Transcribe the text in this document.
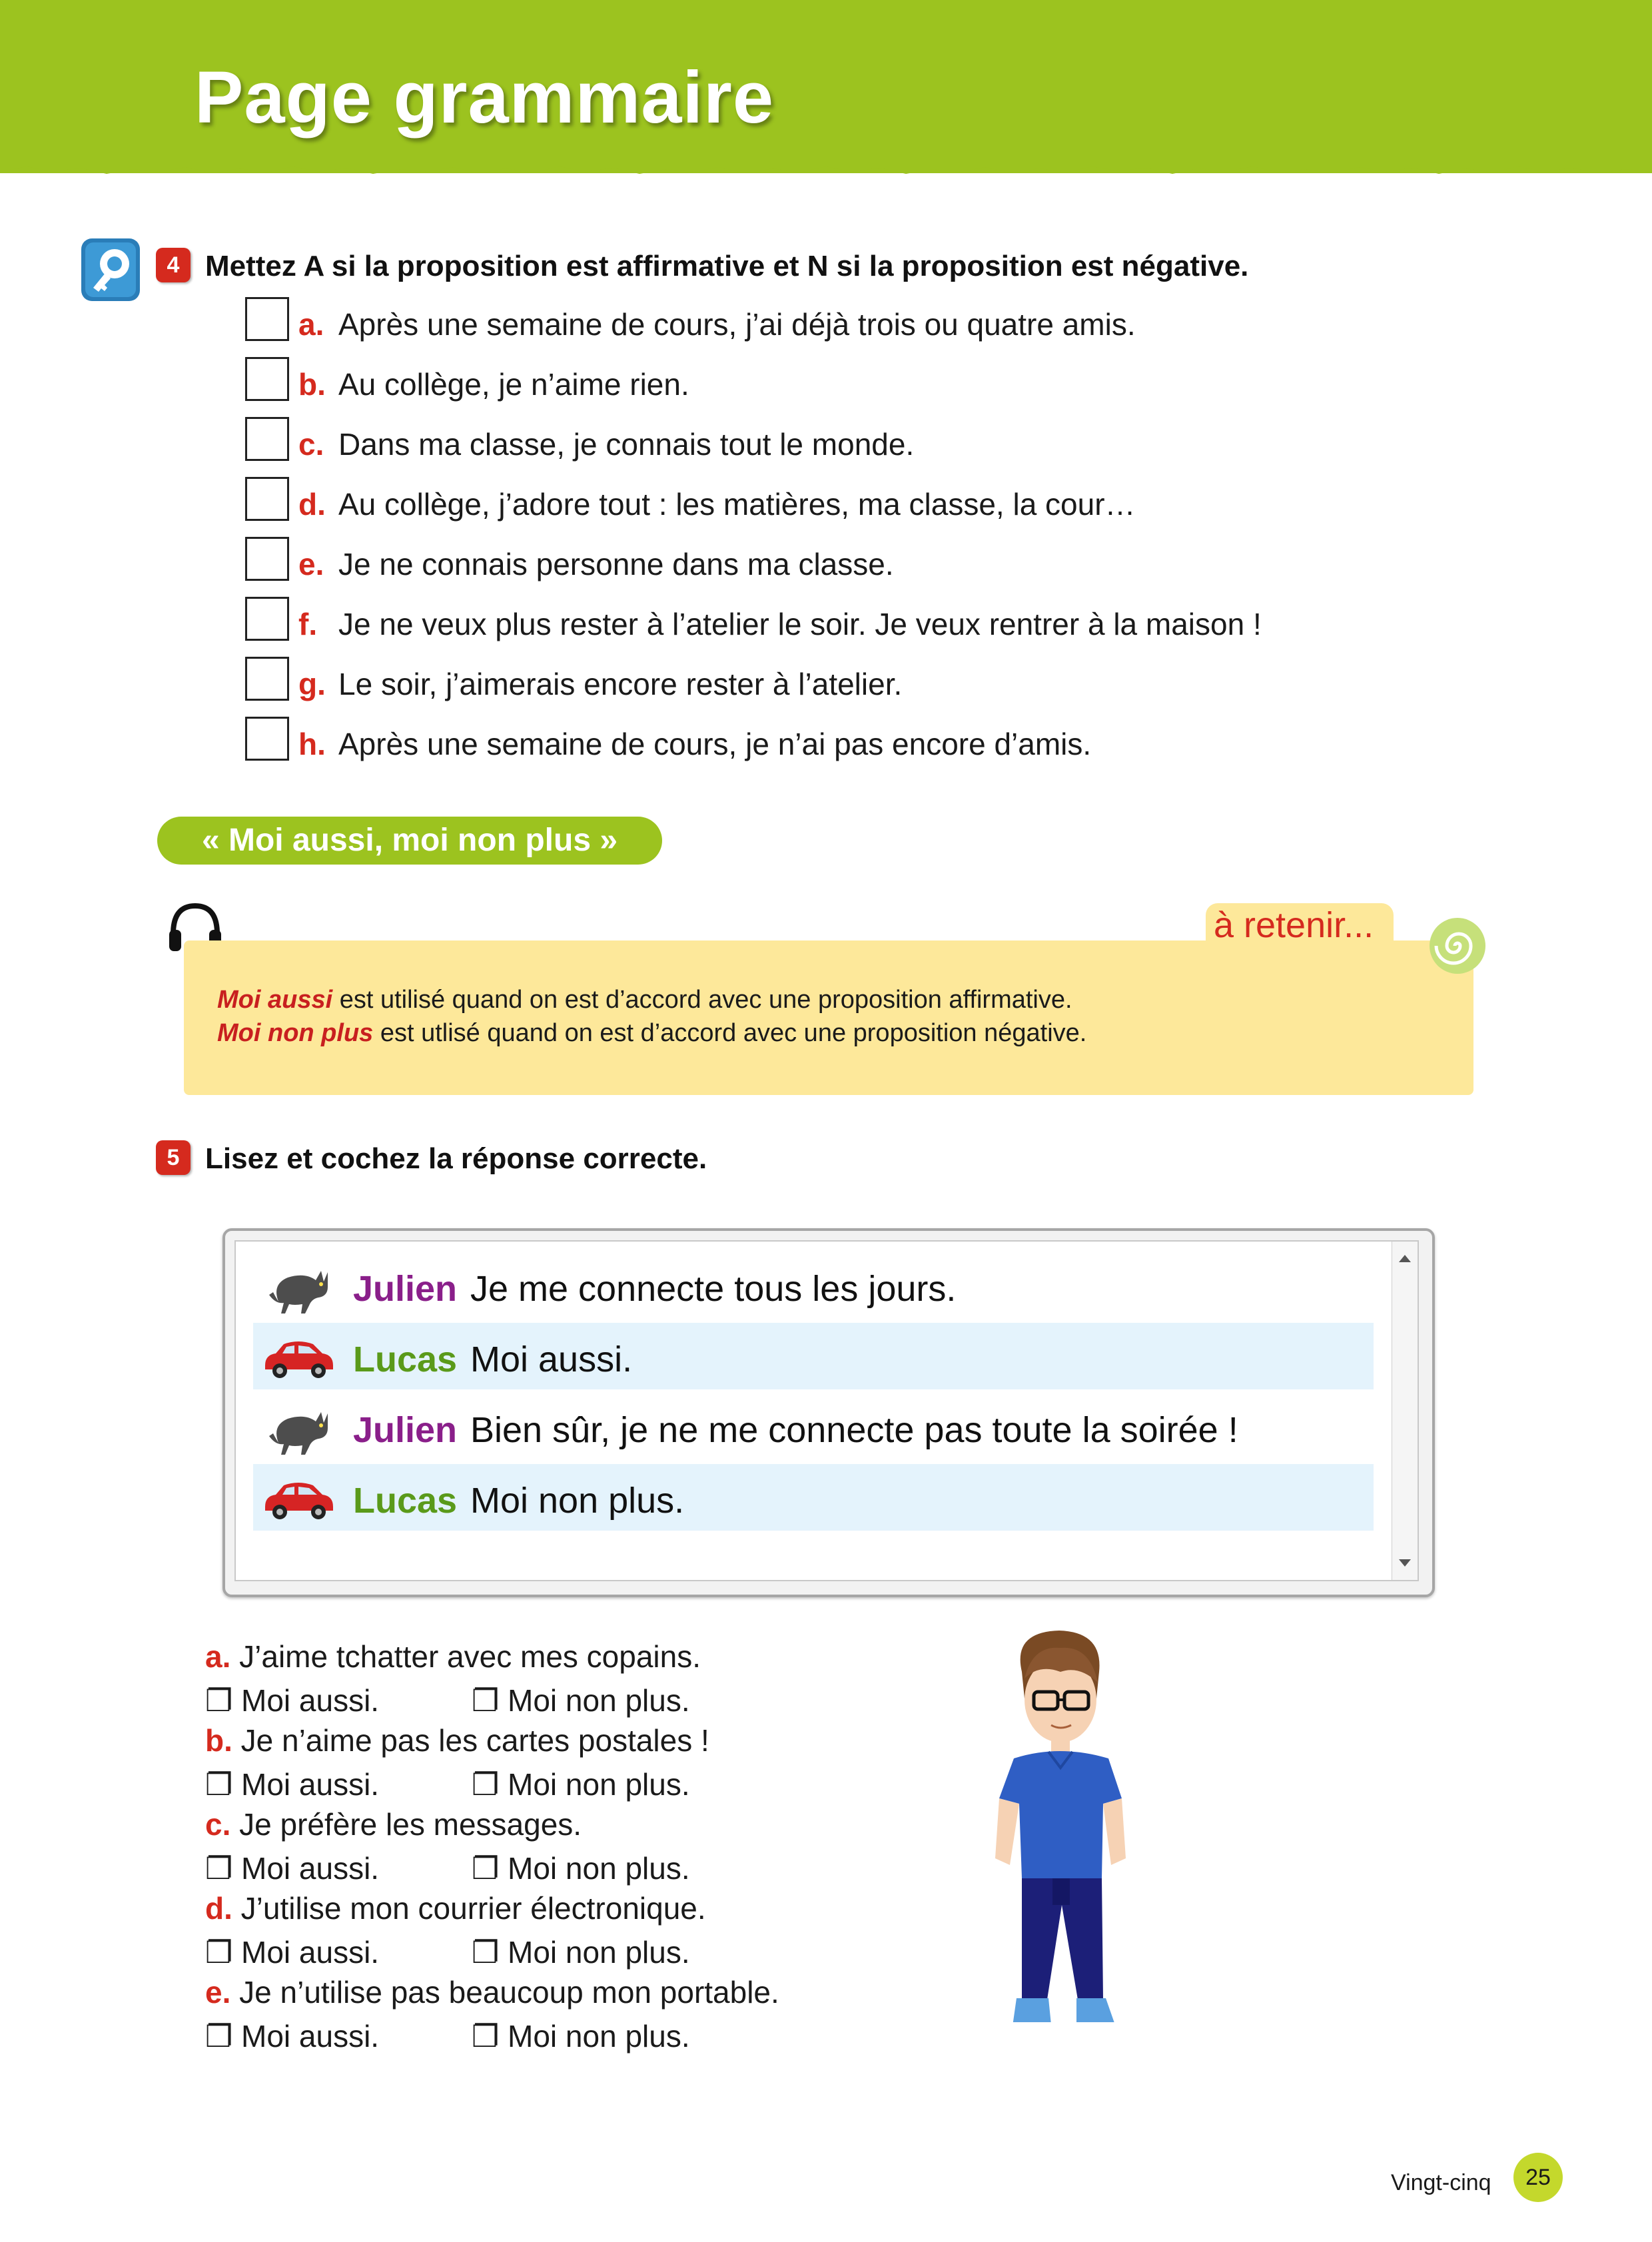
Page grammaire
4 Mettez A si la proposition est affirmative et N si la proposition est négative.
a. Après une semaine de cours, j’ai déjà trois ou quatre amis.
b. Au collège, je n’aime rien.
c. Dans ma classe, je connais tout le monde.
d. Au collège, j’adore tout : les matières, ma classe, la cour…
e. Je ne connais personne dans ma classe.
f. Je ne veux plus rester à l’atelier le soir. Je veux rentrer à la maison !
g. Le soir, j’aimerais encore rester à l’atelier.
h. Après une semaine de cours, je n’ai pas encore d’amis.
« Moi aussi, moi non plus »
Moi aussi est utilisé quand on est d’accord avec une proposition affirmative.
Moi non plus est utlisé quand on est d’accord avec une proposition négative.
à retenir...
5 Lisez et cochez la réponse correcte.
Julien Je me connecte tous les jours.
Lucas Moi aussi.
Julien Bien sûr, je ne me connecte pas toute la soirée !
Lucas Moi non plus.
a. J’aime tchatter avec mes copains.
❐ Moi aussi.	❐ Moi non plus.
b. Je n’aime pas les cartes postales !
❐ Moi aussi.	❐ Moi non plus.
c. Je préfère les messages.
❐ Moi aussi.	❐ Moi non plus.
d. J’utilise mon courrier électronique.
❐ Moi aussi.	❐ Moi non plus.
e. Je n’utilise pas beaucoup mon portable.
❐ Moi aussi.	❐ Moi non plus.
Vingt-cinq	25
